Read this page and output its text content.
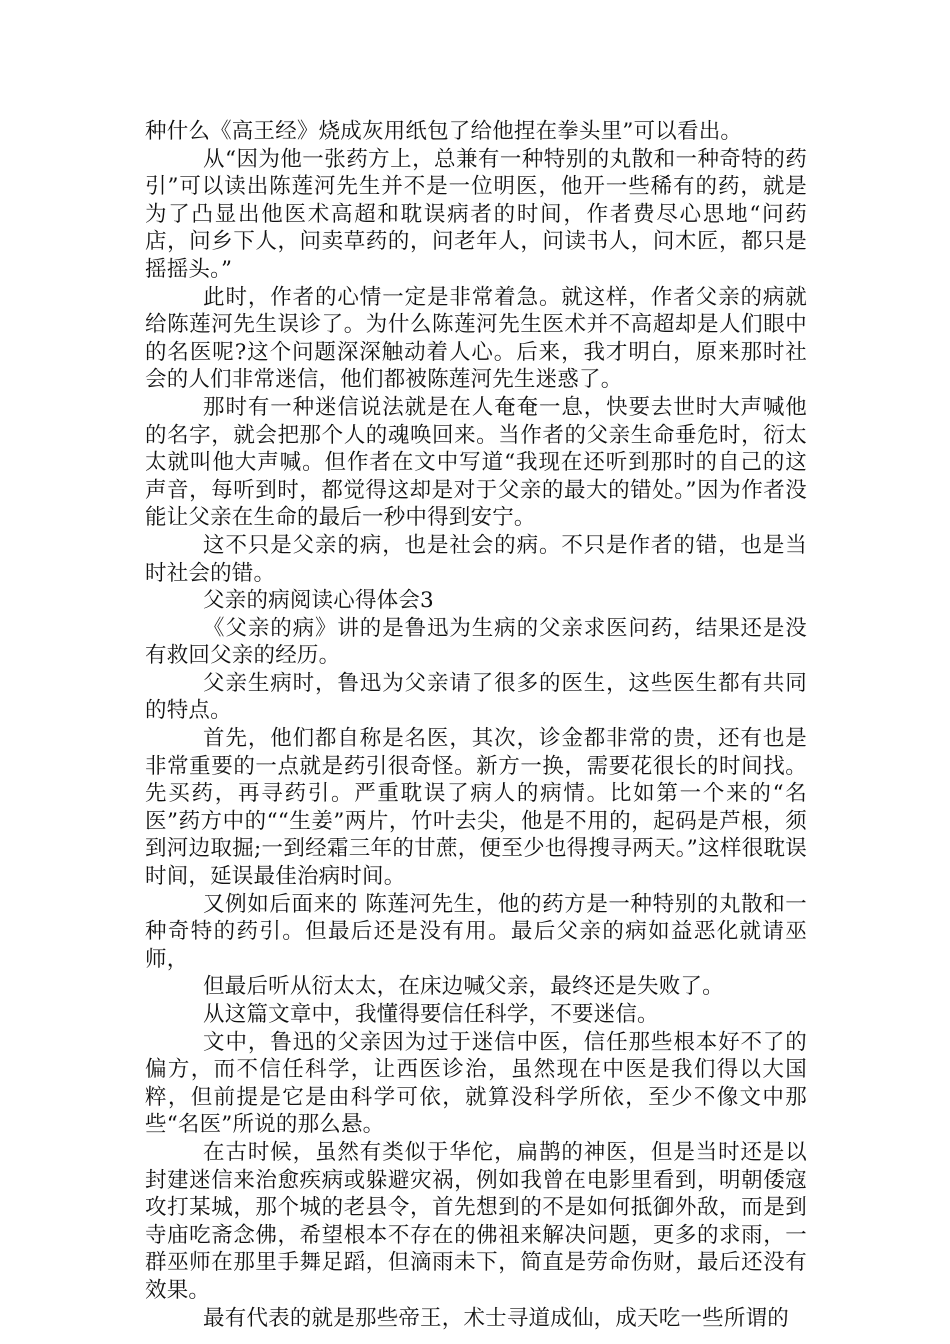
种什么《高王经》烧成灰用纸包了给他捏在拳头里”可以看出。

从“因为他一张药方上，总兼有一种特别的丸散和一种奇特的药引”可以读出陈莲河先生并不是一位明医，他开一些稀有的药，就是为了凸显出他医术高超和耽误病者的时间，作者费尽心思地“问药店，问乡下人，问卖草药的，问老年人，问读书人，问木匠，都只是摇摇头。”

此时，作者的心情一定是非常着急。就这样，作者父亲的病就给陈莲河先生误诊了。为什么陈莲河先生医术并不高超却是人们眼中的名医呢?这个问题深深触动着人心。后来，我才明白，原来那时社会的人们非常迷信，他们都被陈莲河先生迷惑了。

那时有一种迷信说法就是在人奄奄一息，快要去世时大声喊他的名字，就会把那个人的魂唤回来。当作者的父亲生命垂危时，衍太太就叫他大声喊。但作者在文中写道“我现在还听到那时的自己的这声音，每听到时，都觉得这却是对于父亲的最大的错处。”因为作者没能让父亲在生命的最后一秒中得到安宁。

这不只是父亲的病，也是社会的病。不只是作者的错，也是当时社会的错。

父亲的病阅读心得体会3

《父亲的病》讲的是鲁迅为生病的父亲求医问药，结果还是没有救回父亲的经历。

父亲生病时，鲁迅为父亲请了很多的医生，这些医生都有共同的特点。

首先，他们都自称是名医，其次，诊金都非常的贵，还有也是非常重要的一点就是药引很奇怪。新方一换，需要花很长的时间找。先买药，再寻药引。严重耽误了病人的病情。比如第一个来的“名医”药方中的““生姜”两片，竹叶去尖，他是不用的，起码是芦根，须到河边取掘;一到经霜三年的甘蔗，便至少也得搜寻两天。”这样很耽误时间，延误最佳治病时间。

又例如后面来的 陈莲河先生，他的药方是一种特别的丸散和一种奇特的药引。但最后还是没有用。最后父亲的病如益恶化就请巫师，

但最后听从衍太太，在床边喊父亲，最终还是失败了。

从这篇文章中，我懂得要信任科学，不要迷信。

文中，鲁迅的父亲因为过于迷信中医，信任那些根本好不了的偏方，而不信任科学，让西医诊治，虽然现在中医是我们得以大国粹，但前提是它是由科学可依，就算没科学所依，至少不像文中那些“名医”所说的那么悬。

在古时候，虽然有类似于华佗，扁鹊的神医，但是当时还是以封建迷信来治愈疾病或躲避灾祸，例如我曾在电影里看到，明朝倭寇攻打某城，那个城的老县令，首先想到的不是如何抵御外敌，而是到寺庙吃斋念佛，希望根本不存在的佛祖来解决问题，更多的求雨，一群巫师在那里手舞足蹈，但滴雨未下，简直是劳命伤财，最后还没有效果。

最有代表的就是那些帝王，术士寻道成仙，成天吃一些所谓的
